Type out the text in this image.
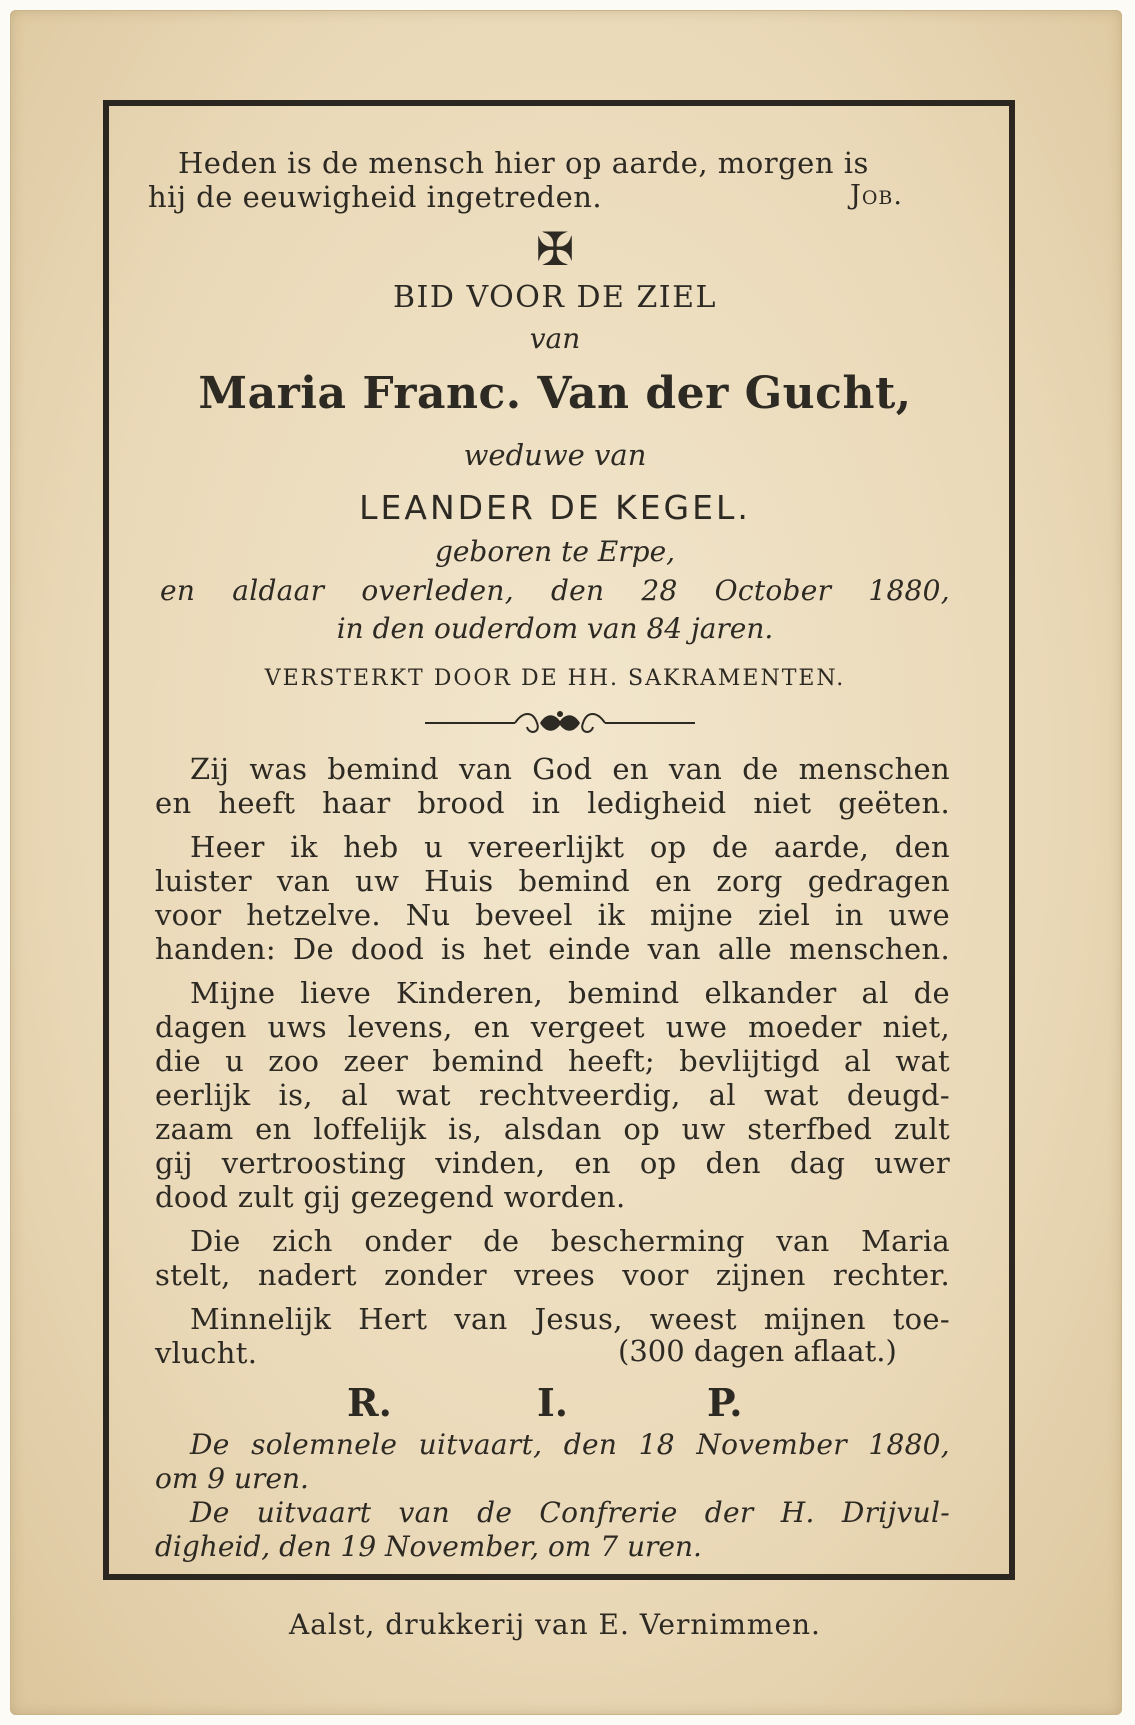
Heden is de mensch hier op aarde, morgen is

hij de eeuwigheid ingetreden.	Job.

✠

BID VOOR DE ZIEL

van

Maria Franc. Van der Gucht,

weduwe van

LEANDER DE KEGEL.

geboren te Erpe,

en aldaar overleden, den 28 October 1880,

in den ouderdom van 84 jaren.

VERSTERKT DOOR DE HH. SAKRAMENTEN.

Zij was bemind van God en van de menschen

en heeft haar brood in ledigheid niet geëten.

Heer ik heb u vereerlijkt op de aarde, den

luister van uw Huis bemind en zorg gedragen

voor hetzelve. Nu beveel ik mijne ziel in uwe

handen: De dood is het einde van alle menschen.

Mijne lieve Kinderen, bemind elkander al de

dagen uws levens, en vergeet uwe moeder niet,

die u zoo zeer bemind heeft; bevlijtigd al wat

eerlijk is, al wat rechtveerdig, al wat deugd-

zaam en loffelijk is, alsdan op uw sterfbed zult

gij vertroosting vinden, en op den dag uwer

dood zult gij gezegend worden.

Die zich onder de bescherming van Maria

stelt, nadert zonder vrees voor zijnen rechter.

Minnelijk Hert van Jesus, weest mijnen toe-

vlucht.	(300 dagen aflaat.)

R.	I.	P.

De solemnele uitvaart, den 18 November 1880,

om 9 uren.

De uitvaart van de Confrerie der H. Drijvul-

digheid, den 19 November, om 7 uren.

Aalst, drukkerij van E. Vernimmen.
